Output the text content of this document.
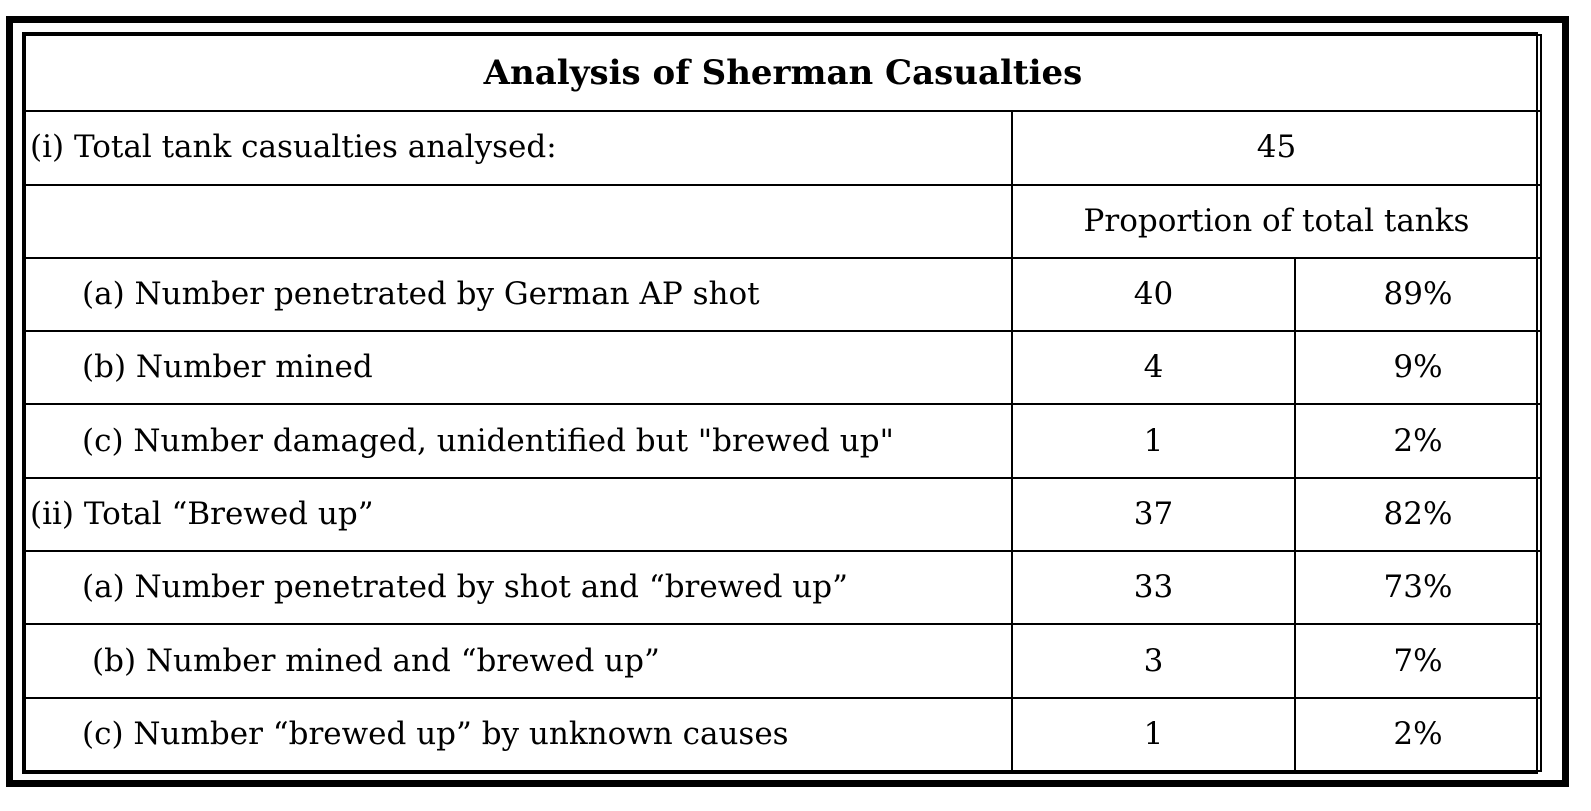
Analysis of Sherman Casualties		
(i) Total tank casualties analysed:	45	
	Proportion of total tanks	
(a) Number penetrated by German AP shot	40	89%
(b) Number mined	4	9%
(c) Number damaged, unidentified but "brewed up"	1	2%
(ii) Total “Brewed up”	37	82%
(a) Number penetrated by shot and “brewed up”	33	73%
(b) Number mined and “brewed up”	3	7%
(c) Number “brewed up” by unknown causes	1	2%
